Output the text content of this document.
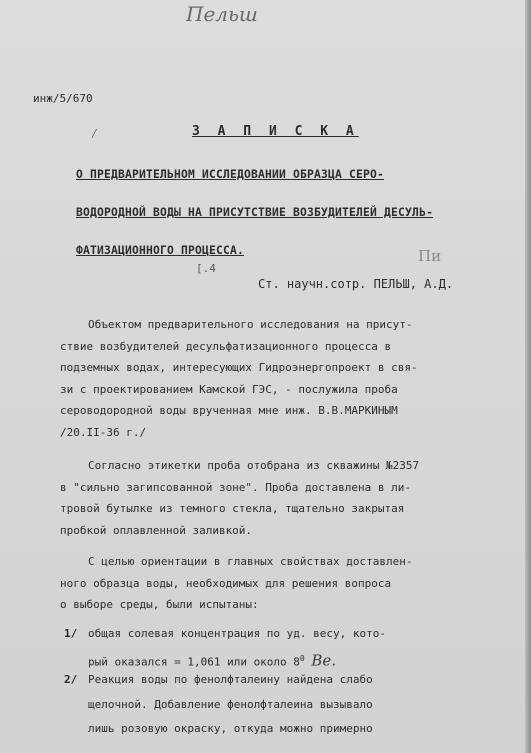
Пельш
инж/5/670
⁄	З А П И С К А
О ПРЕДВАРИТЕЛЬНОМ ИССЛЕДОВАНИИ ОБРАЗЦА СЕРО-
ВОДОРОДНОЙ ВОДЫ НА ПРИСУТСТВИЕ ВОЗБУДИТЕЛЕЙ ДЕСУЛЬ-
ФАТИЗАЦИОННОГО ПРОЦЕССА.
[.4
Пи
Ст. научн.сотр. ПЕЛЬШ, А.Д.
Объектом предварительного исследования на присут-
ствие возбудителей десульфатизационного процесса в
подземных водах, интересующих Гидроэнергопроект в свя-
зи с проектированием Камской ГЭС, - послужила проба
сероводородной воды врученная мне инж. В.В.МАРКИНЫМ
/20.II-36 г./
Согласно этикетки проба отобрана из скважины №2357
в "сильно загипсованной зоне". Проба доставлена в ли-
тровой бутылке из темного стекла, тщательно закрытая
пробкой оплавленной заливкой.
С целью ориентации в главных свойствах доставлен-
ного образца воды, необходимых для решения вопроса
о выборе среды, были испытаны:
1/ общая солевая концентрация по уд. весу, кото-
рый оказался = 1,061 или около $8^0$ Bе.
2/ Реакция воды по фенолфталеину найдена слабо
щелочной. Добавление фенолфталеина вызывало
лишь розовую окраску, откуда можно примерно
